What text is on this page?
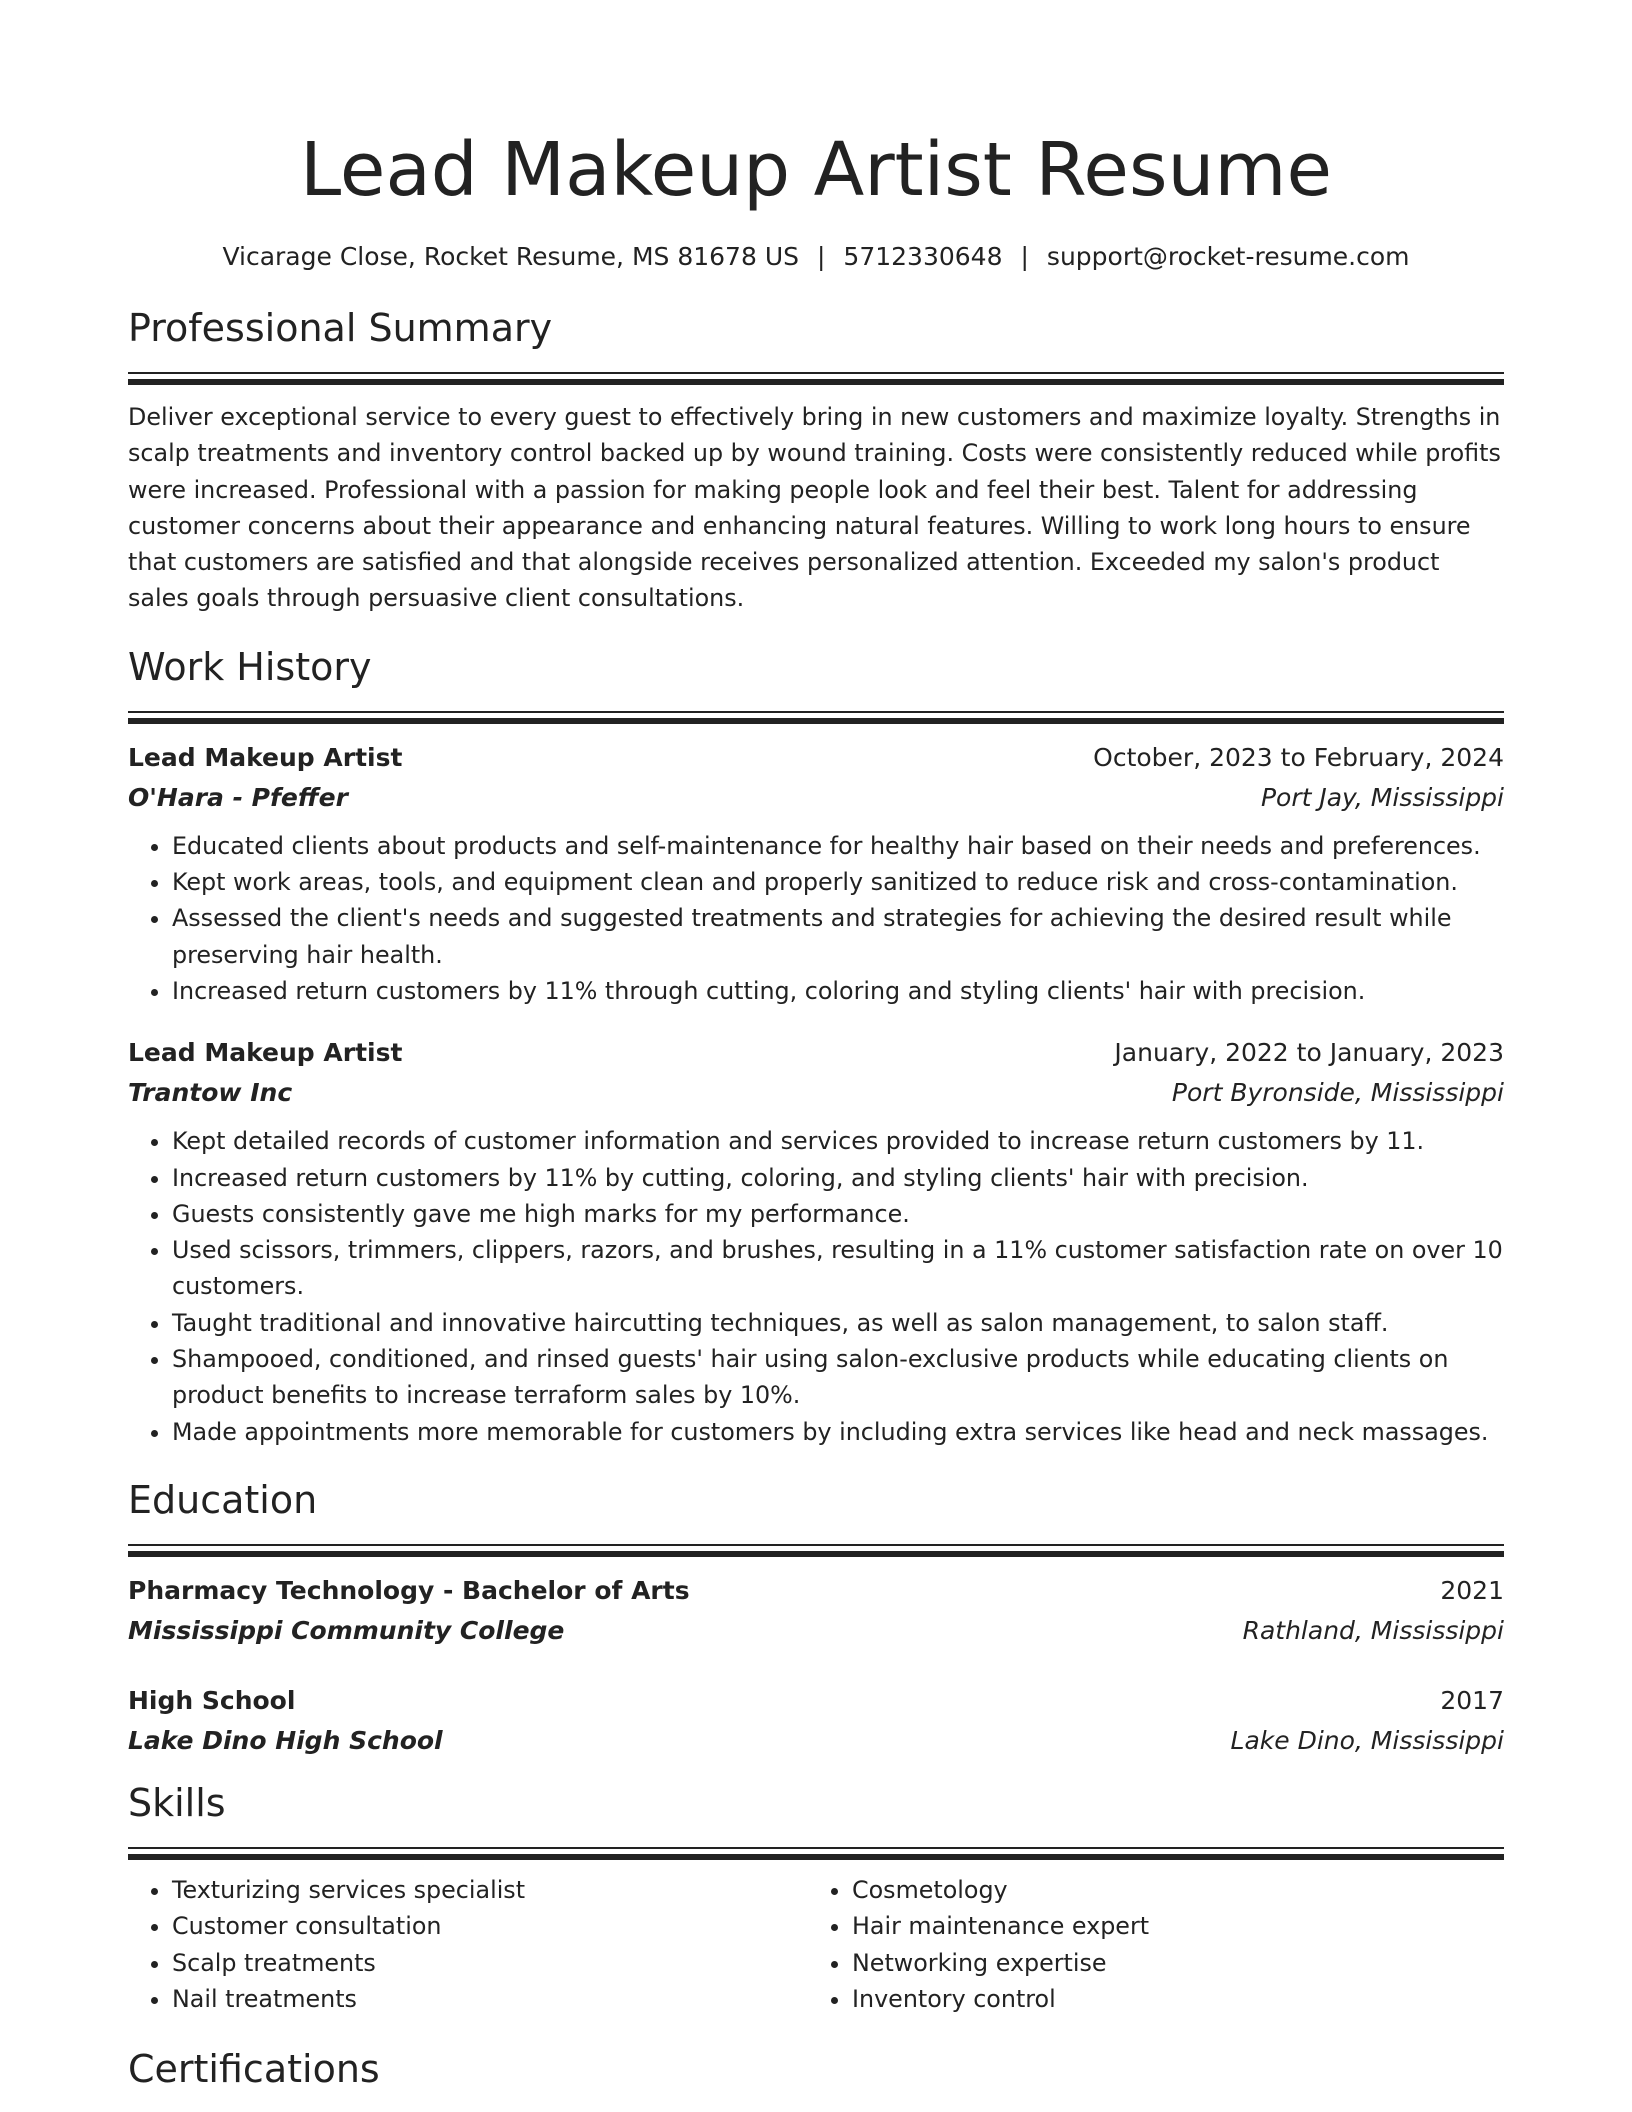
Lead Makeup Artist Resume
Vicarage Close, Rocket Resume, MS 81678 US | 5712330648 | support@rocket-resume.com
Professional Summary
Deliver exceptional service to every guest to effectively bring in new customers and maximize loyalty. Strengths in scalp treatments and inventory control backed up by wound training. Costs were consistently reduced while profits were increased. Professional with a passion for making people look and feel their best. Talent for addressing customer concerns about their appearance and enhancing natural features. Willing to work long hours to ensure that customers are satisfied and that alongside receives personalized attention. Exceeded my salon's product sales goals through persuasive client consultations.
Work History
Lead Makeup Artist	October, 2023 to February, 2024
O'Hara - Pfeffer	Port Jay, Mississippi
• Educated clients about products and self-maintenance for healthy hair based on their needs and preferences.
• Kept work areas, tools, and equipment clean and properly sanitized to reduce risk and cross-contamination.
• Assessed the client's needs and suggested treatments and strategies for achieving the desired result while preserving hair health.
• Increased return customers by 11% through cutting, coloring and styling clients' hair with precision.
Lead Makeup Artist	January, 2022 to January, 2023
Trantow Inc	Port Byronside, Mississippi
• Kept detailed records of customer information and services provided to increase return customers by 11.
• Increased return customers by 11% by cutting, coloring, and styling clients' hair with precision.
• Guests consistently gave me high marks for my performance.
• Used scissors, trimmers, clippers, razors, and brushes, resulting in a 11% customer satisfaction rate on over 10 customers.
• Taught traditional and innovative haircutting techniques, as well as salon management, to salon staff.
• Shampooed, conditioned, and rinsed guests' hair using salon-exclusive products while educating clients on product benefits to increase terraform sales by 10%.
• Made appointments more memorable for customers by including extra services like head and neck massages.
Education
Pharmacy Technology - Bachelor of Arts	2021
Mississippi Community College	Rathland, Mississippi
High School	2017
Lake Dino High School	Lake Dino, Mississippi
Skills
• Texturizing services specialist
• Customer consultation
• Scalp treatments
• Nail treatments
• Cosmetology
• Hair maintenance expert
• Networking expertise
• Inventory control
Certifications
